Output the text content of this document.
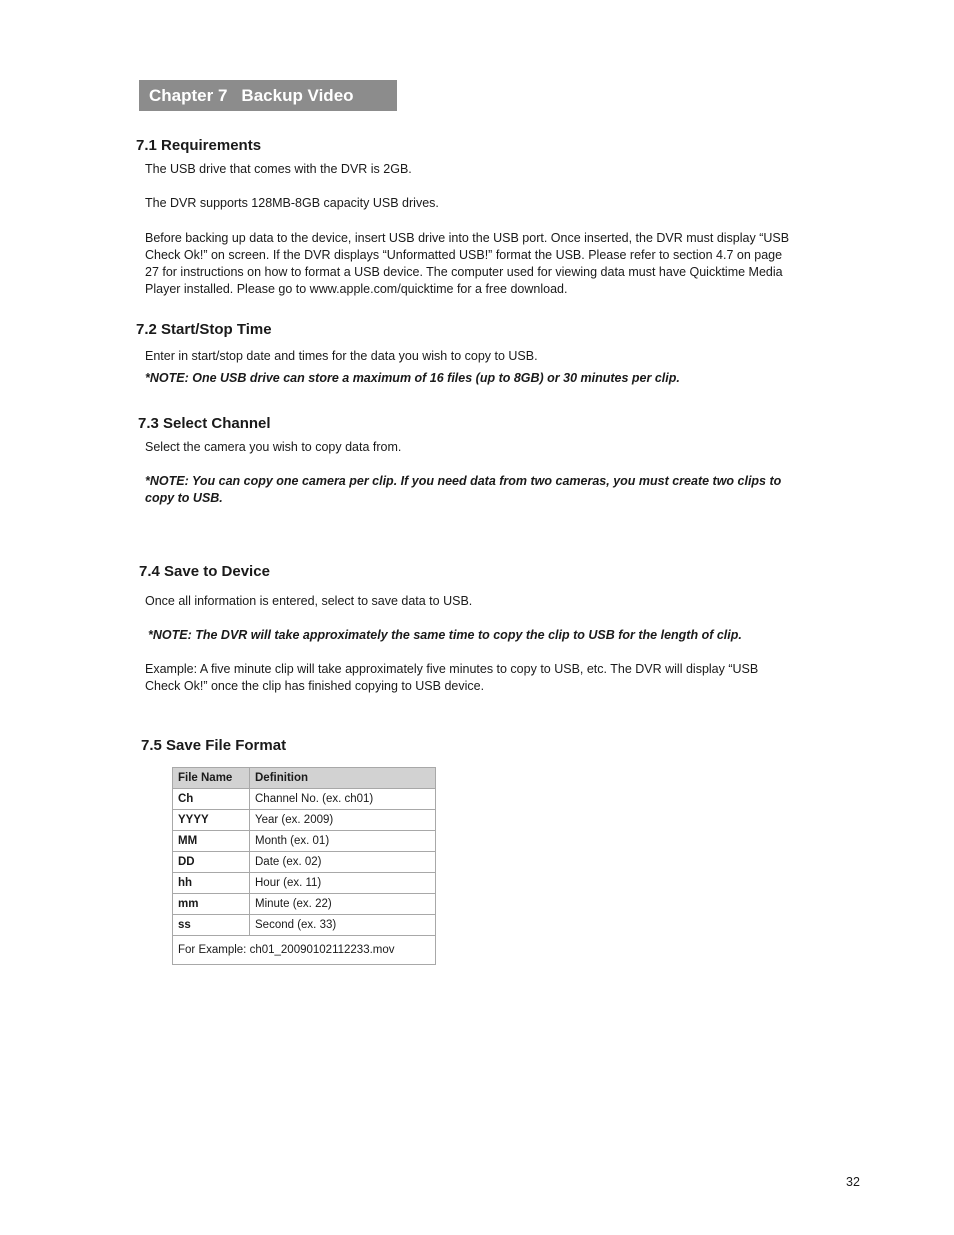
Chapter 7 Backup Video
7.1 Requirements
The USB drive that comes with the DVR is 2GB.
The DVR supports 128MB-8GB capacity USB drives.
Before backing up data to the device, insert USB drive into the USB port. Once inserted, the DVR must display “USB Check Ok!” on screen. If the DVR displays “Unformatted USB!” format the USB. Please refer to section 4.7 on page 27 for instructions on how to format a USB device. The computer used for viewing data must have Quicktime Media Player installed. Please go to www.apple.com/quicktime for a free download.
7.2 Start/Stop Time
Enter in start/stop date and times for the data you wish to copy to USB.
*NOTE: One USB drive can store a maximum of 16 files (up to 8GB) or 30 minutes per clip.
7.3 Select Channel
Select the camera you wish to copy data from.
*NOTE: You can copy one camera per clip. If you need data from two cameras, you must create two clips to copy to USB.
7.4 Save to Device
Once all information is entered, select to save data to USB.
*NOTE: The DVR will take approximately the same time to copy the clip to USB for the length of clip.
Example: A five minute clip will take approximately five minutes to copy to USB, etc. The DVR will display “USB Check Ok!” once the clip has finished copying to USB device.
7.5 Save File Format
File Name	Definition
Ch	Channel No. (ex. ch01)
YYYY	Year (ex. 2009)
MM	Month (ex. 01)
DD	Date (ex. 02)
hh	Hour (ex. 11)
mm	Minute (ex. 22)
ss	Second (ex. 33)
For Example: ch01_20090102112233.mov	
32
